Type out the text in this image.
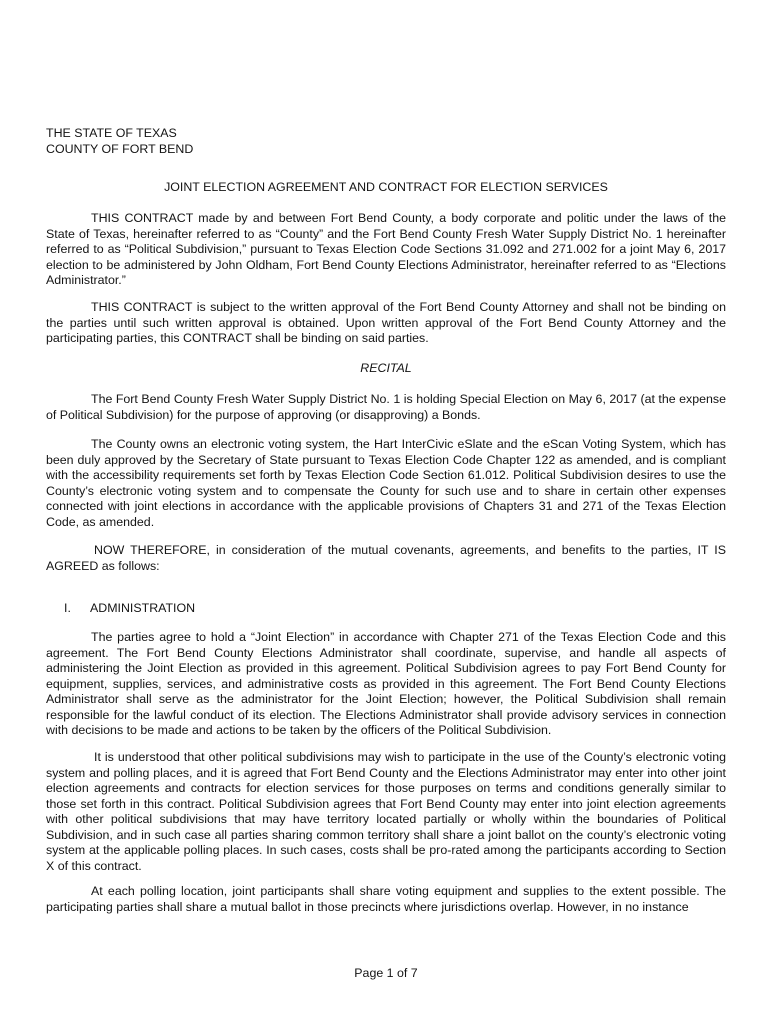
THE STATE OF TEXAS

COUNTY OF FORT BEND

JOINT ELECTION AGREEMENT AND CONTRACT FOR ELECTION SERVICES

THIS CONTRACT made by and between Fort Bend County, a body corporate and politic under the laws of the State of Texas, hereinafter referred to as “County” and the Fort Bend County Fresh Water Supply District No. 1 hereinafter referred to as “Political Subdivision,” pursuant to Texas Election Code Sections 31.092 and 271.002 for a joint May 6, 2017 election to be administered by John Oldham, Fort Bend County Elections Administrator, hereinafter referred to as “Elections Administrator.”

THIS CONTRACT is subject to the written approval of the Fort Bend County Attorney and shall not be binding on the parties until such written approval is obtained. Upon written approval of the Fort Bend County Attorney and the participating parties, this CONTRACT shall be binding on said parties.

RECITAL

The Fort Bend County Fresh Water Supply District No. 1 is holding Special Election on May 6, 2017 (at the expense of Political Subdivision) for the purpose of approving (or disapproving) a Bonds.

The County owns an electronic voting system, the Hart InterCivic eSlate and the eScan Voting System, which has been duly approved by the Secretary of State pursuant to Texas Election Code Chapter 122 as amended, and is compliant with the accessibility requirements set forth by Texas Election Code Section 61.012. Political Subdivision desires to use the County’s electronic voting system and to compensate the County for such use and to share in certain other expenses connected with joint elections in accordance with the applicable provisions of Chapters 31 and 271 of the Texas Election Code, as amended.

NOW THEREFORE, in consideration of the mutual covenants, agreements, and benefits to the parties, IT IS AGREED as follows:

I. ADMINISTRATION

The parties agree to hold a “Joint Election” in accordance with Chapter 271 of the Texas Election Code and this agreement. The Fort Bend County Elections Administrator shall coordinate, supervise, and handle all aspects of administering the Joint Election as provided in this agreement. Political Subdivision agrees to pay Fort Bend County for equipment, supplies, services, and administrative costs as provided in this agreement. The Fort Bend County Elections Administrator shall serve as the administrator for the Joint Election; however, the Political Subdivision shall remain responsible for the lawful conduct of its election. The Elections Administrator shall provide advisory services in connection with decisions to be made and actions to be taken by the officers of the Political Subdivision.

It is understood that other political subdivisions may wish to participate in the use of the County’s electronic voting system and polling places, and it is agreed that Fort Bend County and the Elections Administrator may enter into other joint election agreements and contracts for election services for those purposes on terms and conditions generally similar to those set forth in this contract. Political Subdivision agrees that Fort Bend County may enter into joint election agreements with other political subdivisions that may have territory located partially or wholly within the boundaries of Political Subdivision, and in such case all parties sharing common territory shall share a joint ballot on the county’s electronic voting system at the applicable polling places. In such cases, costs shall be pro-rated among the participants according to Section X of this contract.

At each polling location, joint participants shall share voting equipment and supplies to the extent possible. The participating parties shall share a mutual ballot in those precincts where jurisdictions overlap. However, in no instance

Page 1 of 7
